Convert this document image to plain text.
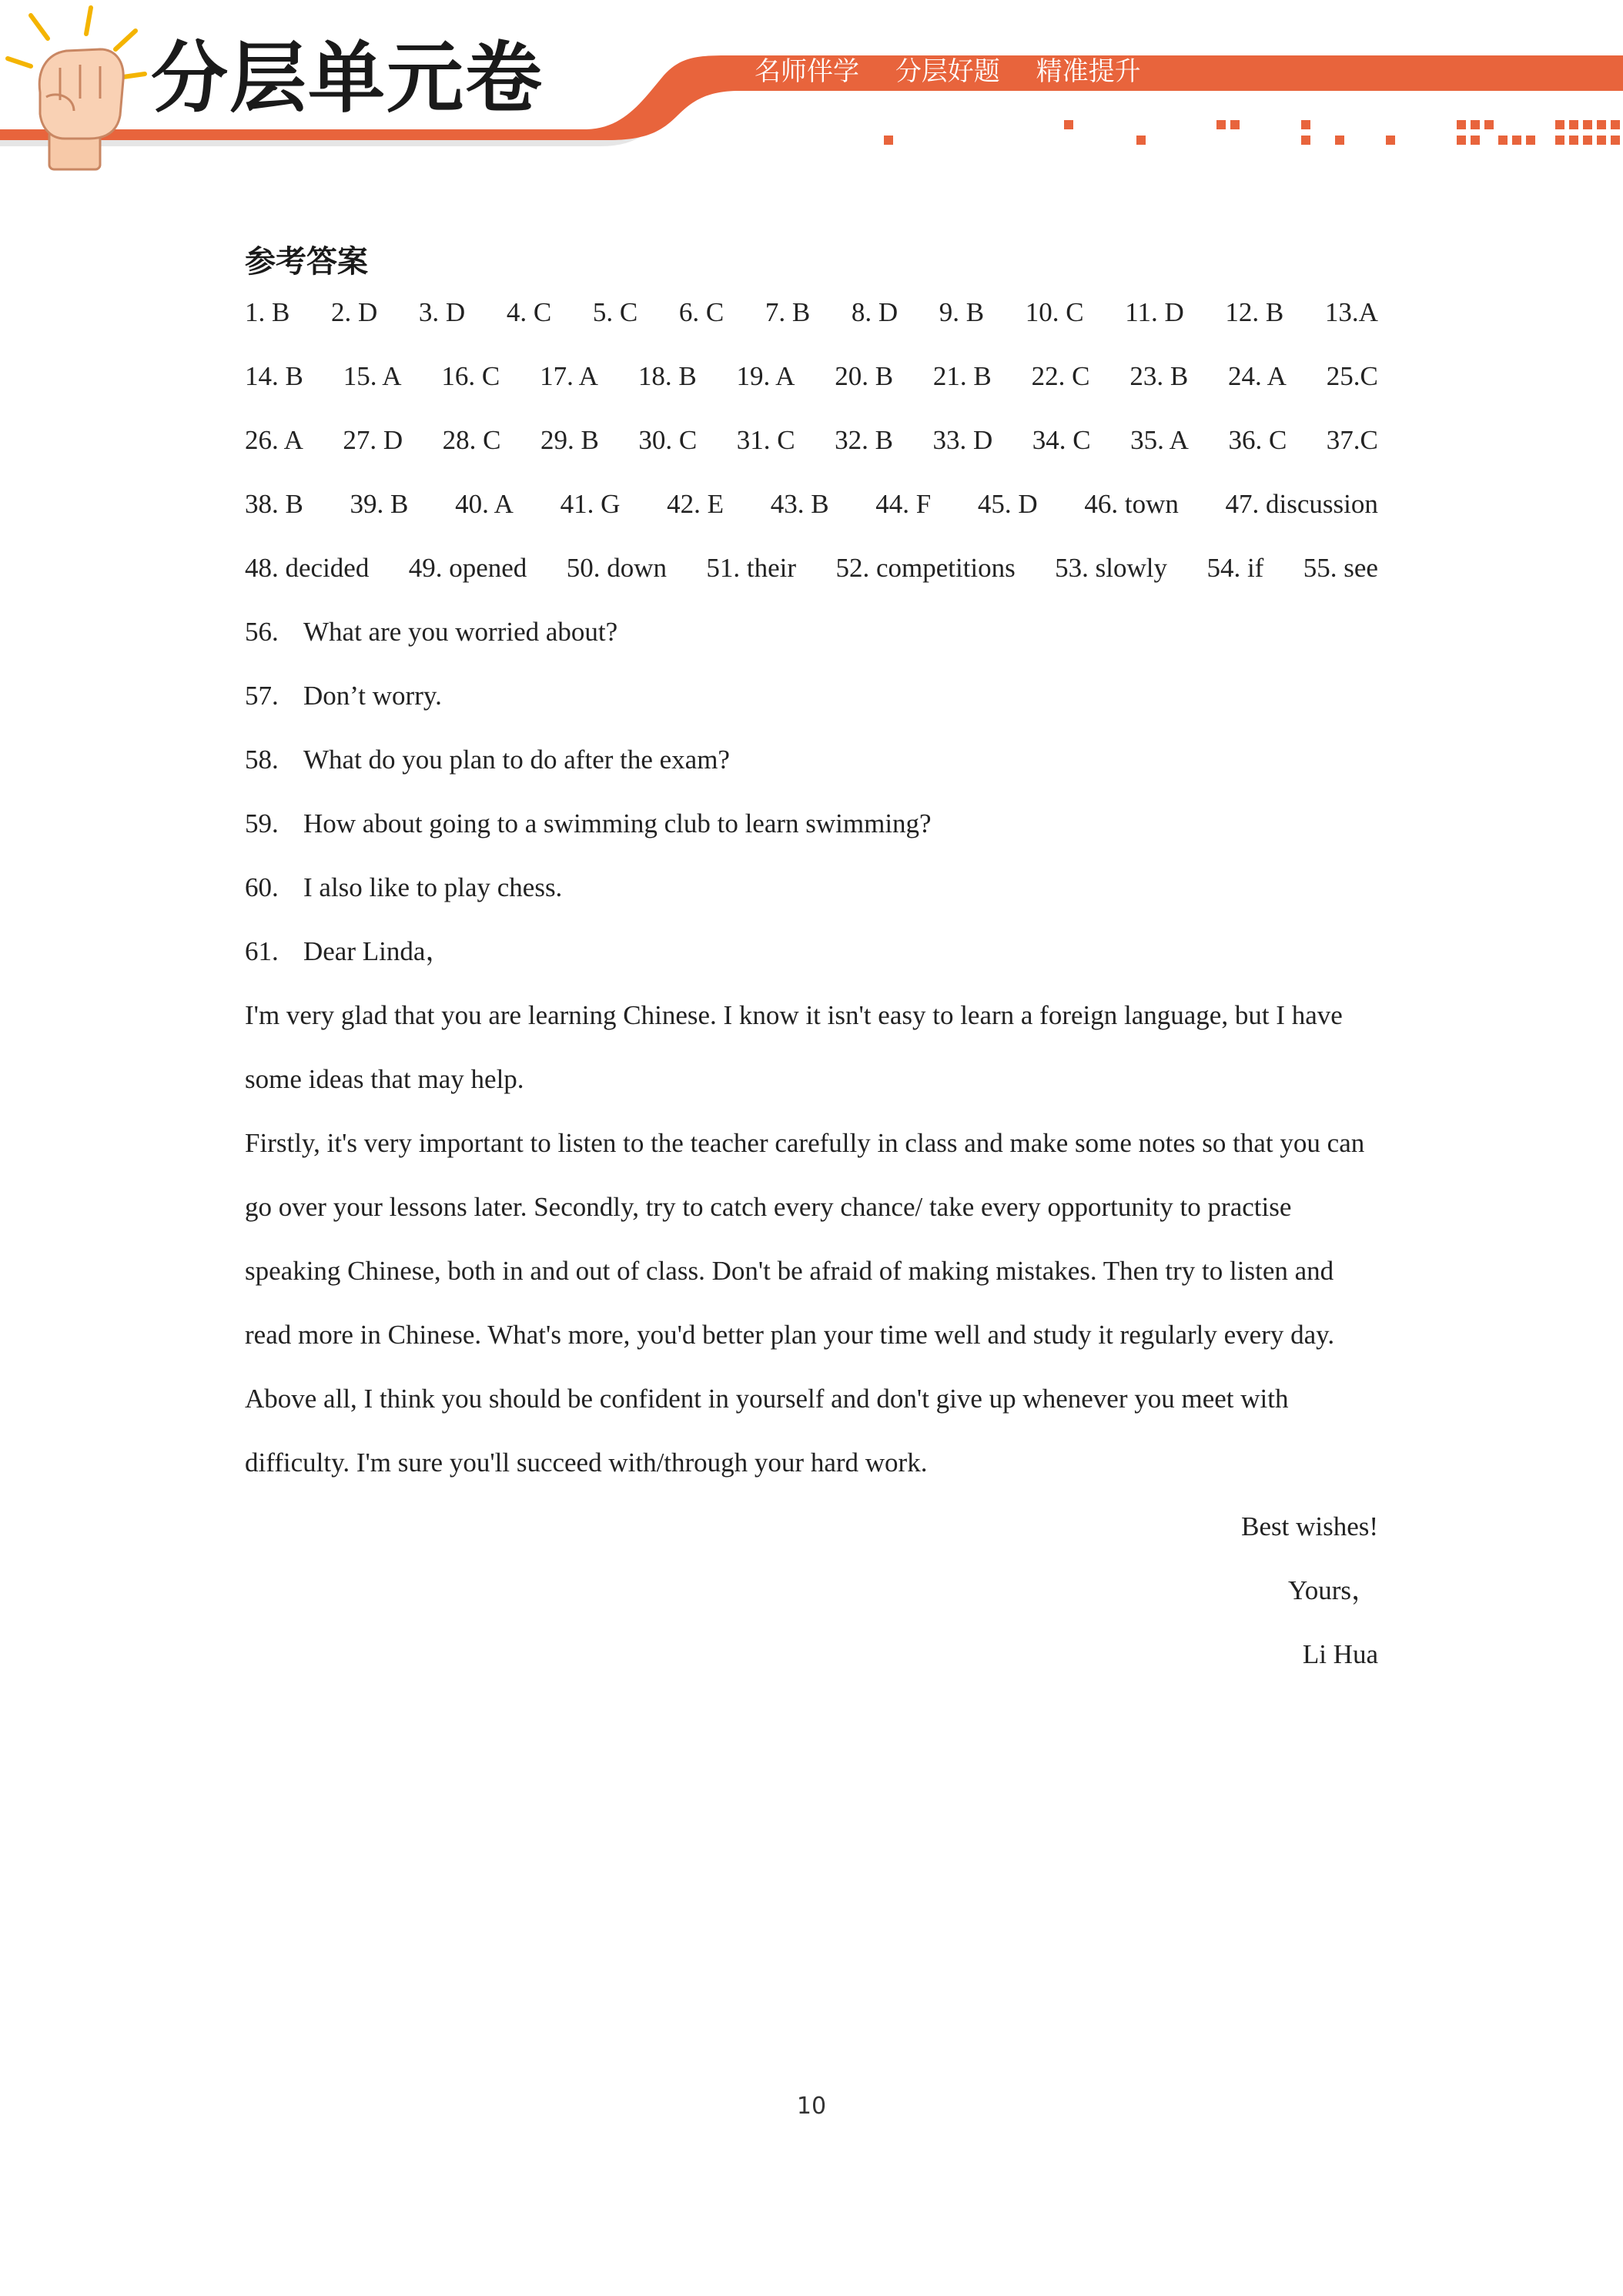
分层单元卷	名师伴学 分层好题 精准提升
参考答案
1. B 2. D 3. D 4. C 5. C 6. C 7. B 8. D 9. B 10. C 11. D 12. B 13.A
14. B 15. A 16. C 17. A 18. B 19. A 20. B 21. B 22. C 23. B 24. A 25.C
26. A 27. D 28. C 29. B 30. C 31. C 32. B 33. D 34. C 35. A 36. C 37.C
38. B 39. B 40. A 41. G 42. E 43. B 44. F 45. D 46. town 47. discussion
48. decided 49. opened 50. down 51. their 52. competitions 53. slowly 54. if 55. see
56. What are you worried about?
57. Don’t worry.
58. What do you plan to do after the exam?
59. How about going to a swimming club to learn swimming?
60. I also like to play chess.
61. Dear Linda，

I'm very glad that you are learning Chinese. I know it isn't easy to learn a foreign language, but I have some ideas that may help.

Firstly, it's very important to listen to the teacher carefully in class and make some notes so that you can go over your lessons later. Secondly, try to catch every chance/ take every opportunity to practise speaking Chinese, both in and out of class. Don't be afraid of making mistakes. Then try to listen and read more in Chinese. What's more, you'd better plan your time well and study it regularly every day. Above all, I think you should be confident in yourself and don't give up whenever you meet with difficulty. I'm sure you'll succeed with/through your hard work.

Best wishes!
Yours，
Li Hua
10
